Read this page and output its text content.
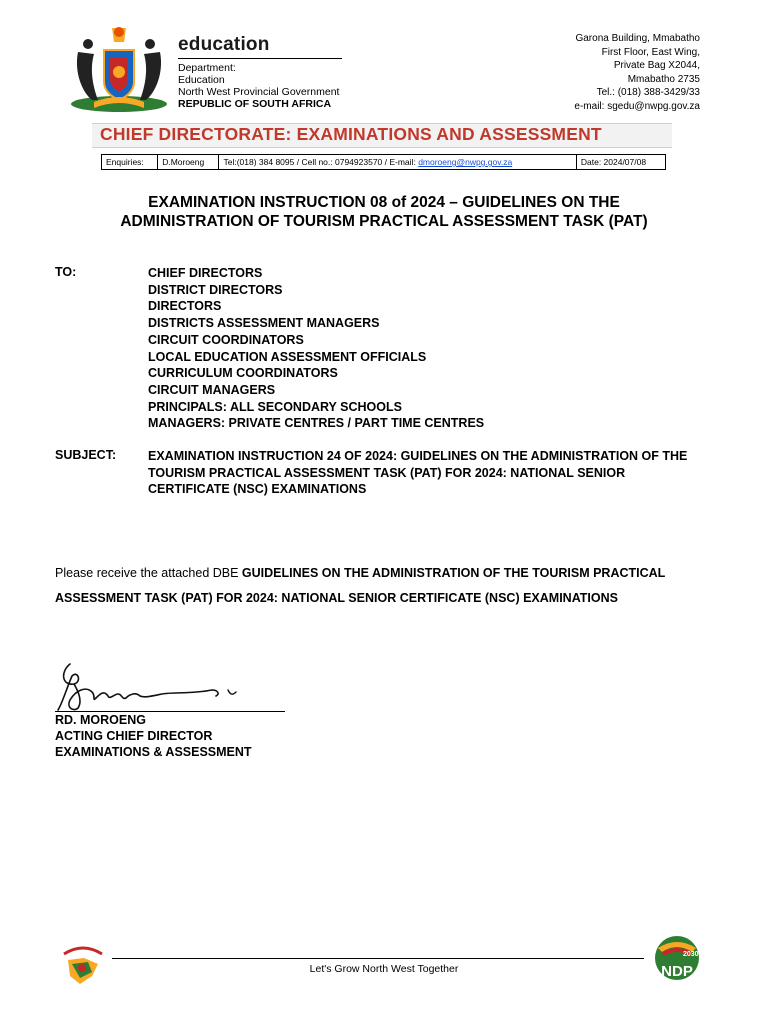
education
Department:
Education
North West Provincial Government
REPUBLIC OF SOUTH AFRICA
Garona Building, Mmabatho
First Floor, East Wing,
Private Bag X2044,
Mmabatho 2735
Tel.: (018) 388-3429/33
e-mail: sgedu@nwpg.gov.za
CHIEF DIRECTORATE: EXAMINATIONS AND ASSESSMENT
Enquiries:	D.Moroeng	Tel:(018) 384 8095 / Cell no.: 0794923570 / E-mail: dmoroeng@nwpg.gov.za	Date: 2024/07/08
EXAMINATION INSTRUCTION 08 of 2024 – GUIDELINES ON THE
ADMINISTRATION OF TOURISM PRACTICAL ASSESSMENT TASK (PAT)
TO:	CHIEF DIRECTORS
DISTRICT DIRECTORS
DIRECTORS
DISTRICTS ASSESSMENT MANAGERS
CIRCUIT COORDINATORS
LOCAL EDUCATION ASSESSMENT OFFICIALS
CURRICULUM COORDINATORS
CIRCUIT MANAGERS
PRINCIPALS: ALL SECONDARY SCHOOLS
MANAGERS: PRIVATE CENTRES / PART TIME CENTRES
SUBJECT:	EXAMINATION INSTRUCTION 24 OF 2024: GUIDELINES ON THE ADMINISTRATION OF THE
TOURISM PRACTICAL ASSESSMENT TASK (PAT) FOR 2024: NATIONAL SENIOR
CERTIFICATE (NSC) EXAMINATIONS
Please receive the attached DBE GUIDELINES ON THE ADMINISTRATION OF THE TOURISM PRACTICAL
ASSESSMENT TASK (PAT) FOR 2024: NATIONAL SENIOR CERTIFICATE (NSC) EXAMINATIONS
RD. MOROENG
ACTING CHIEF DIRECTOR
EXAMINATIONS & ASSESSMENT
Let's Grow North West Together
2030
NDP
